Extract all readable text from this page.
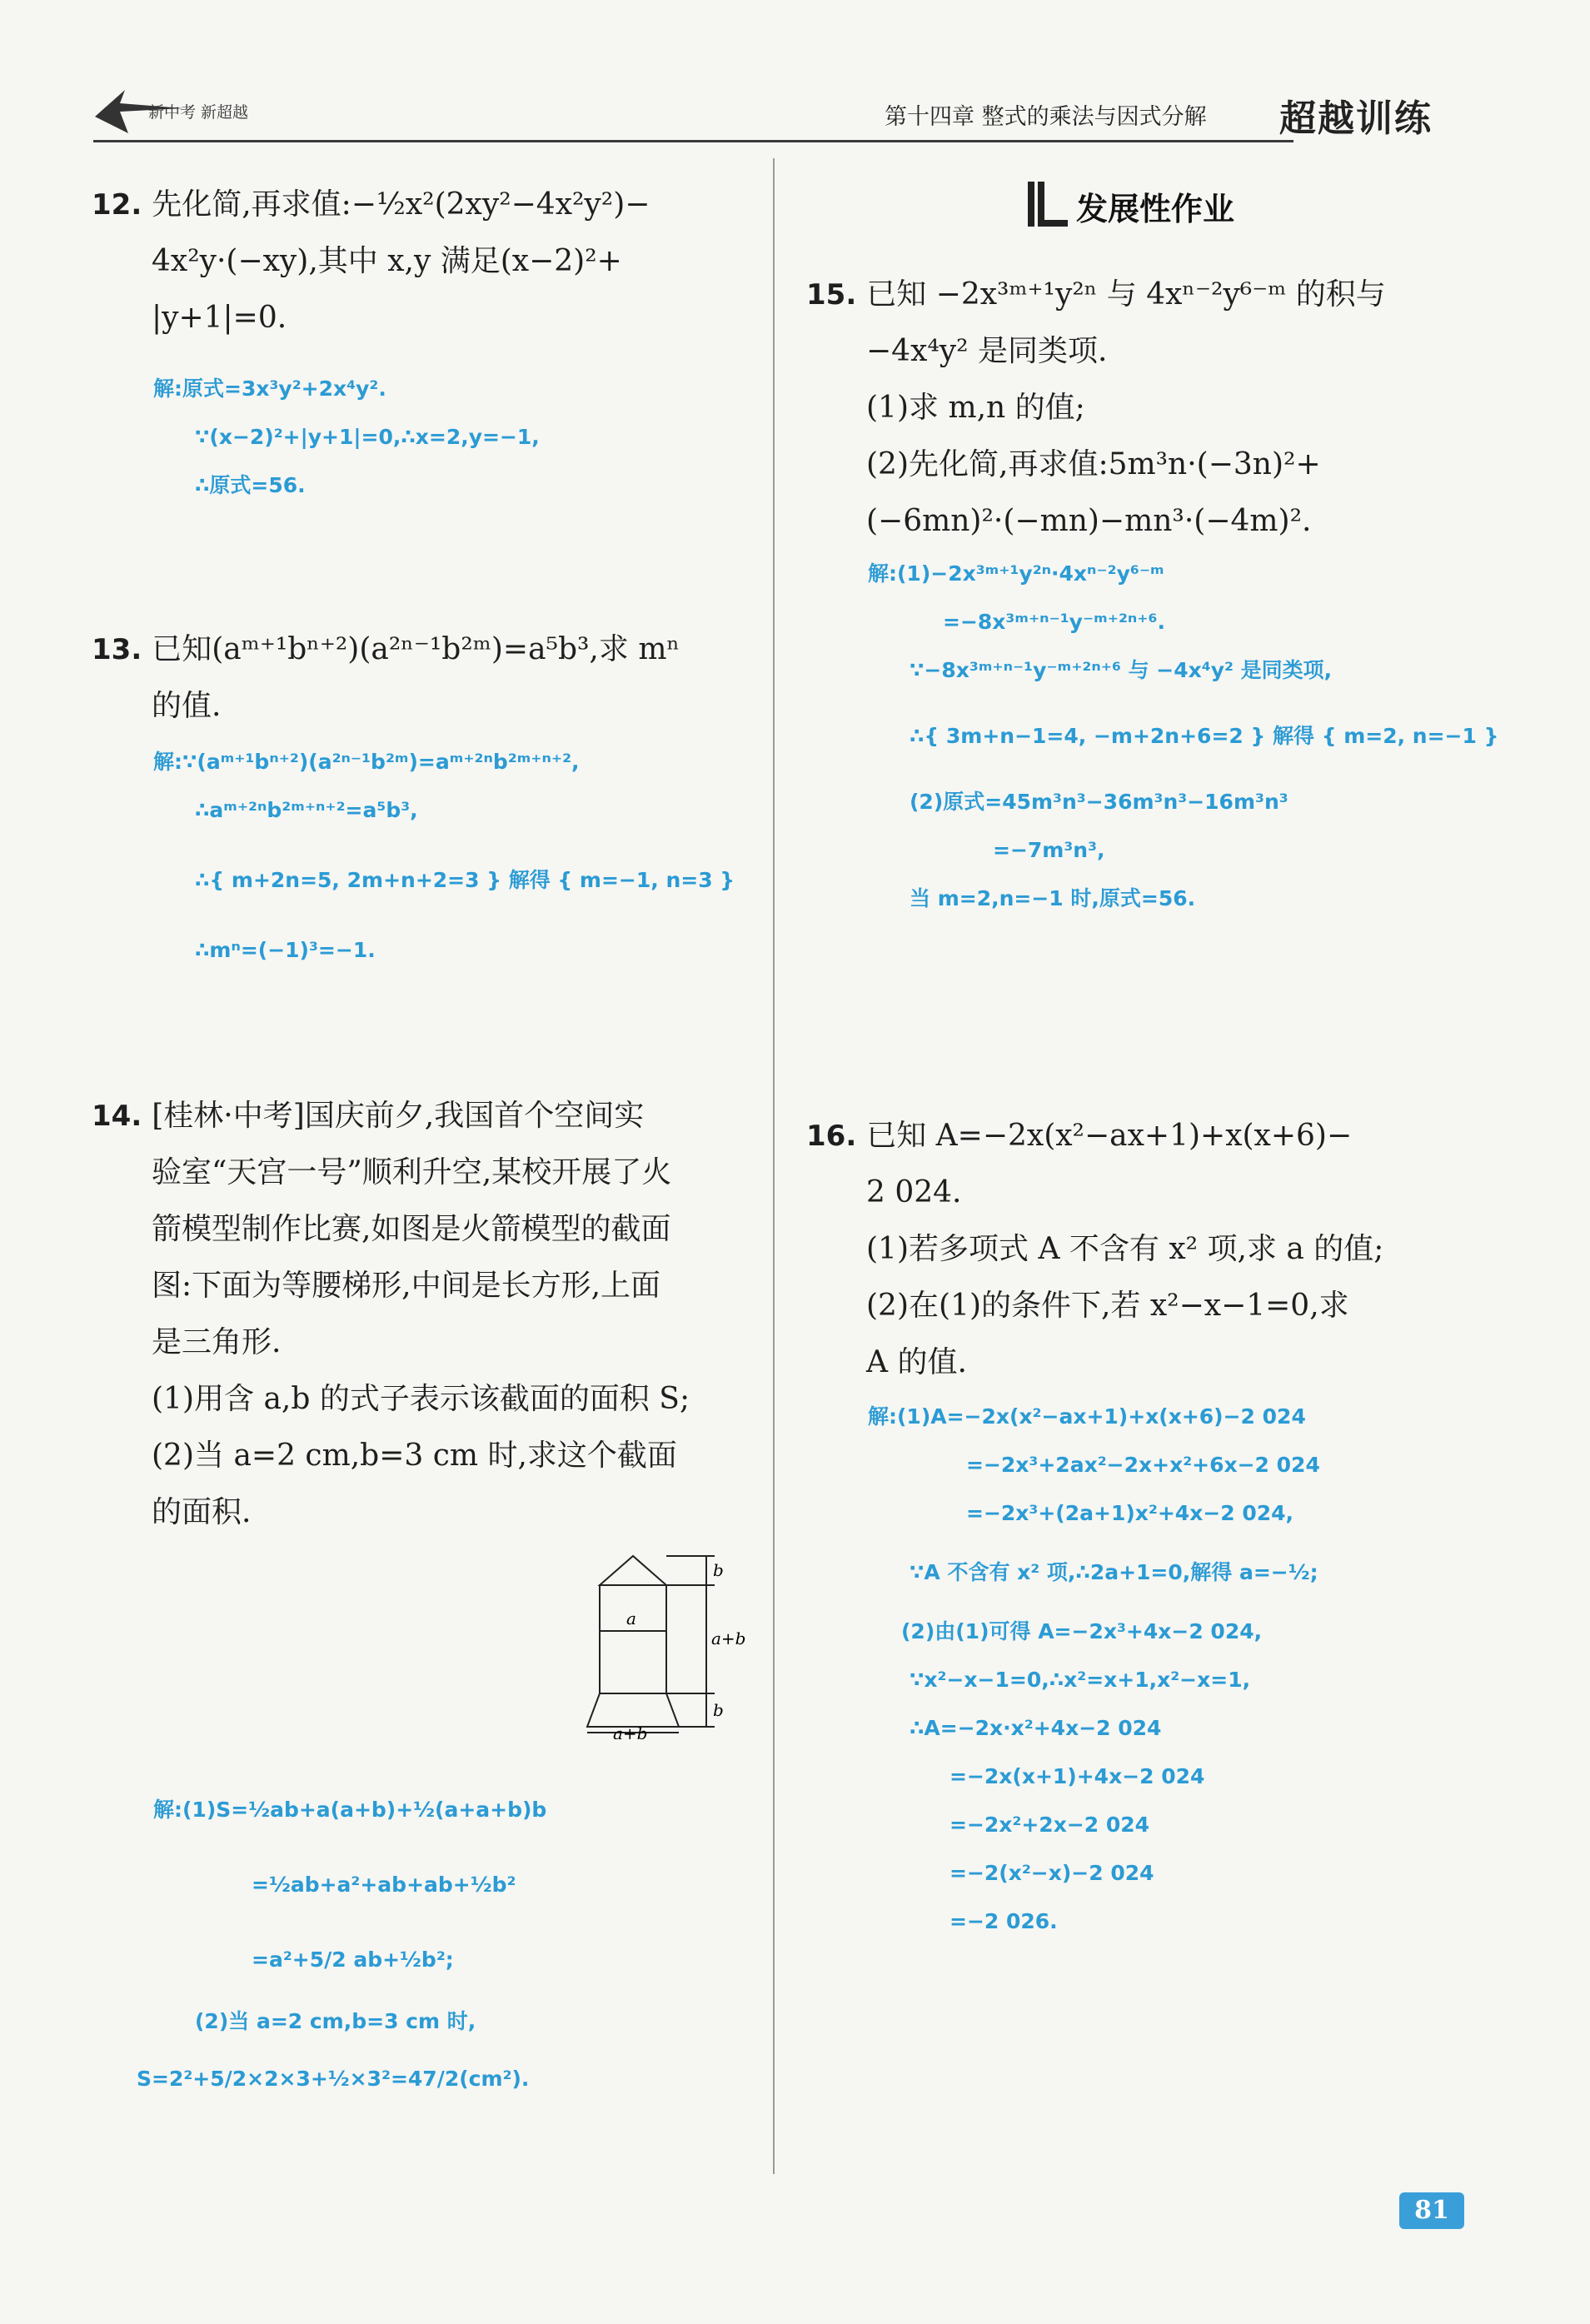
新中考 新超越	第十四章 整式的乘法与因式分解 超越训练
12. 先化简,再求值:−½x²(2xy²−4x²y²)−
4x²y·(−xy),其中 x,y 满足(x−2)²+
|y+1|=0.
解:原式=3x³y²+2x⁴y².
∵(x−2)²+|y+1|=0,∴x=2,y=−1,
∴原式=56.
13. 已知(aᵐ⁺¹bⁿ⁺²)(a²ⁿ⁻¹b²ᵐ)=a⁵b³,求 mⁿ
的值.
解:∵(aᵐ⁺¹bⁿ⁺²)(a²ⁿ⁻¹b²ᵐ)=aᵐ⁺²ⁿb²ᵐ⁺ⁿ⁺²,
∴aᵐ⁺²ⁿb²ᵐ⁺ⁿ⁺²=a⁵b³,
∴{ m+2n=5, 2m+n+2=3 } 解得 { m=−1, n=3 }
∴mⁿ=(−1)³=−1.
14. [桂林·中考]国庆前夕,我国首个空间实
验室“天宫一号”顺利升空,某校开展了火
箭模型制作比赛,如图是火箭模型的截面
图:下面为等腰梯形,中间是长方形,上面
是三角形.
(1)用含 a,b 的式子表示该截面的面积 S;
(2)当 a=2 cm,b=3 cm 时,求这个截面
的面积.
b
a
a+b
b
a+b
解:(1)S=½ab+a(a+b)+½(a+a+b)b
=½ab+a²+ab+ab+½b²
=a²+5/2 ab+½b²;
(2)当 a=2 cm,b=3 cm 时,
S=2²+5/2×2×3+½×3²=47/2(cm²).
发展性作业
15. 已知 −2x³ᵐ⁺¹y²ⁿ 与 4xⁿ⁻²y⁶⁻ᵐ 的积与
−4x⁴y² 是同类项.
(1)求 m,n 的值;
(2)先化简,再求值:5m³n·(−3n)²+
(−6mn)²·(−mn)−mn³·(−4m)².
解:(1)−2x³ᵐ⁺¹y²ⁿ·4xⁿ⁻²y⁶⁻ᵐ
=−8x³ᵐ⁺ⁿ⁻¹y⁻ᵐ⁺²ⁿ⁺⁶.
∵−8x³ᵐ⁺ⁿ⁻¹y⁻ᵐ⁺²ⁿ⁺⁶ 与 −4x⁴y² 是同类项,
∴{ 3m+n−1=4, −m+2n+6=2 } 解得 { m=2, n=−1 }
(2)原式=45m³n³−36m³n³−16m³n³
=−7m³n³,
当 m=2,n=−1 时,原式=56.
16. 已知 A=−2x(x²−ax+1)+x(x+6)−
2 024.
(1)若多项式 A 不含有 x² 项,求 a 的值;
(2)在(1)的条件下,若 x²−x−1=0,求
A 的值.
解:(1)A=−2x(x²−ax+1)+x(x+6)−2 024
=−2x³+2ax²−2x+x²+6x−2 024
=−2x³+(2a+1)x²+4x−2 024,
∵A 不含有 x² 项,∴2a+1=0,解得 a=−½;
(2)由(1)可得 A=−2x³+4x−2 024,
∵x²−x−1=0,∴x²=x+1,x²−x=1,
∴A=−2x·x²+4x−2 024
=−2x(x+1)+4x−2 024
=−2x²+2x−2 024
=−2(x²−x)−2 024
=−2 026.
81
